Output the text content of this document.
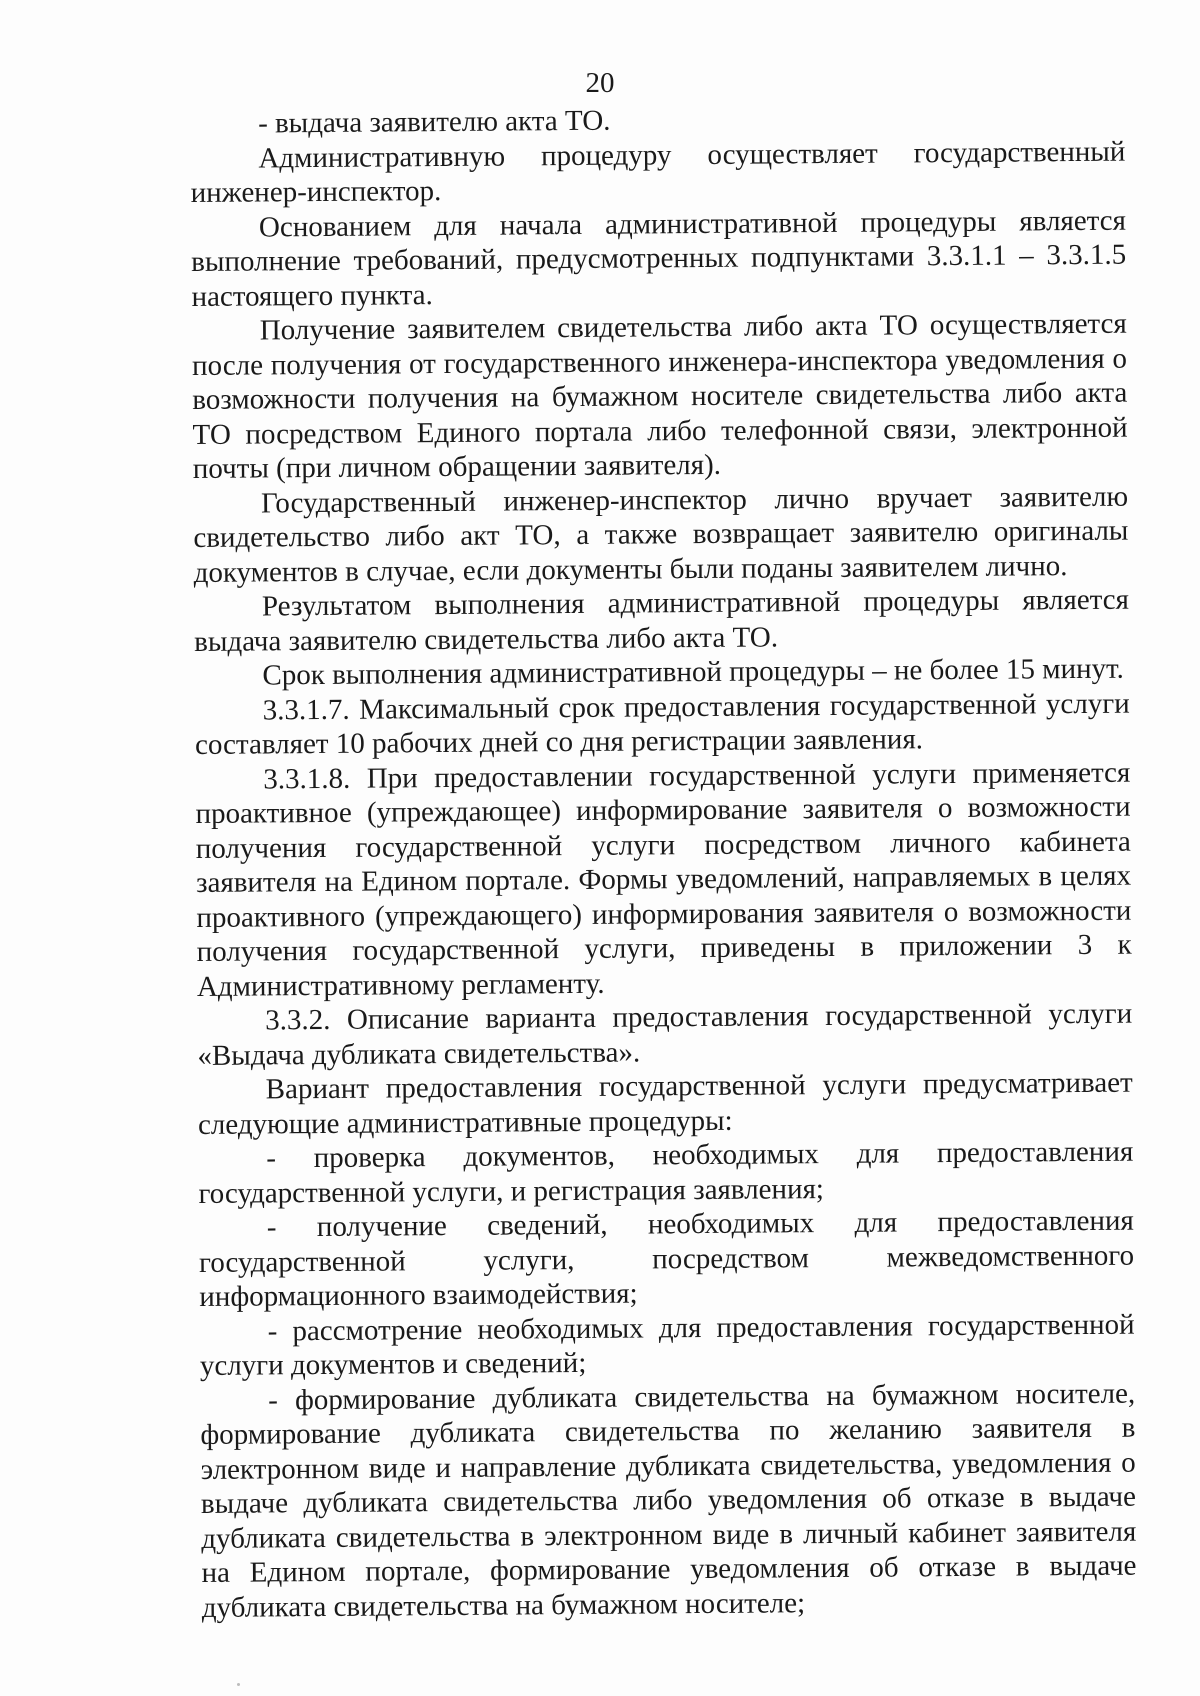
20

- выдача заявителю акта ТО.

Административную процедуру осуществляет государственный инженер-инспектор.

Основанием для начала административной процедуры является выполнение требований, предусмотренных подпунктами 3.3.1.1 – 3.3.1.5 настоящего пункта.

Получение заявителем свидетельства либо акта ТО осуществляется после получения от государственного инженера-инспектора уведомления о возможности получения на бумажном носителе свидетельства либо акта ТО посредством Единого портала либо телефонной связи, электронной почты (при личном обращении заявителя).

Государственный инженер-инспектор лично вручает заявителю свидетельство либо акт ТО, а также возвращает заявителю оригиналы документов в случае, если документы были поданы заявителем лично.

Результатом выполнения административной процедуры является выдача заявителю свидетельства либо акта ТО.

Срок выполнения административной процедуры – не более 15 минут.

3.3.1.7. Максимальный срок предоставления государственной услуги составляет 10 рабочих дней со дня регистрации заявления.

3.3.1.8. При предоставлении государственной услуги применяется проактивное (упреждающее) информирование заявителя о возможности получения государственной услуги посредством личного кабинета заявителя на Едином портале. Формы уведомлений, направляемых в целях проактивного (упреждающего) информирования заявителя о возможности получения государственной услуги, приведены в приложении 3 к Административному регламенту.

3.3.2. Описание варианта предоставления государственной услуги «Выдача дубликата свидетельства».

Вариант предоставления государственной услуги предусматривает следующие административные процедуры:

- проверка документов, необходимых для предоставления государственной услуги, и регистрация заявления;

- получение сведений, необходимых для предоставления государственной услуги, посредством межведомственного информационного взаимодействия;

- рассмотрение необходимых для предоставления государственной услуги документов и сведений;

- формирование дубликата свидетельства на бумажном носителе, формирование дубликата свидетельства по желанию заявителя в электронном виде и направление дубликата свидетельства, уведомления о выдаче дубликата свидетельства либо уведомления об отказе в выдаче дубликата свидетельства в электронном виде в личный кабинет заявителя на Едином портале, формирование уведомления об отказе в выдаче дубликата свидетельства на бумажном носителе;
